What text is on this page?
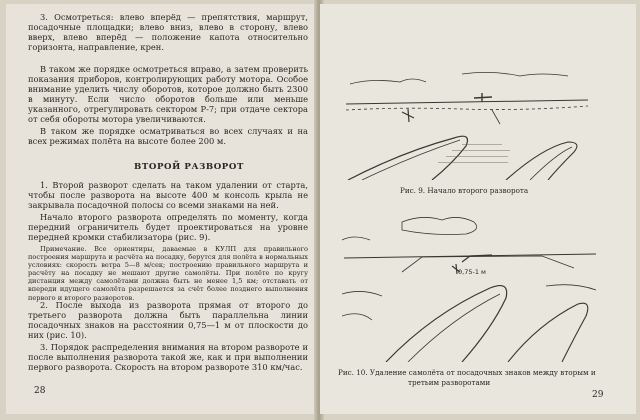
3. Осмотреться: влево вперёд — препятствия, маршрут, посадочные площадки; влево вниз, влево в сторону, влево вверх, влево вперёд — положение капота относительно горизонта, направление, крен.
В таком же порядке осмотреться вправо, а затем проверить показания приборов, контролирующих работу мотора. Особое внимание уделить числу оборотов, которое должно быть 2300 в минуту. Если число оборотов больше или меньше указанного, отрегулировать сектором Р-7; при отдаче сектора от себя обороты мотора увеличиваются.
В таком же порядке осматриваться во всех случаях и на всех режимах полёта на высоте более 200 м.
ВТОРОЙ РАЗВОРОТ
1. Второй разворот сделать на таком удалении от старта, чтобы после разворота на высоте 400 м консоль крыла не закрывала посадочной полосы со всеми знаками на ней.
Начало второго разворота определять по моменту, когда передний ограничитель будет проектироваться на уровне передней кромки стабилизатора (рис. 9).
Примечание. Все ориентиры, даваемые в КУЛП для правильного построения маршрута и расчёта на посадку, берутся для полёта в нормальных условиях: скорость ветра 5—8 м/сек; построению правильного маршрута и расчёту на посадку не мешают другие самолёты. При полёте по кругу дистанция между самолётами должна быть не менее 1,5 км; отставать от впереди идущего самолёта разрешается за счёт более позднего выполнения первого и второго разворотов.
2. После выхода из разворота прямая от второго до третьего разворота должна быть параллельна линии посадочных знаков на расстоянии 0,75—1 м от плоскости до них (рис. 10).
3. Порядок распределения внимания на втором развороте и после выполнения разворота такой же, как и при выполнении первого разворота. Скорость на втором развороте 310 км/час.
28
Рис. 9. Начало второго разворота
0,75-1 м
Рис. 10. Удаление самолёта от посадочных знаков между вторым и
третьим разворотами
29
